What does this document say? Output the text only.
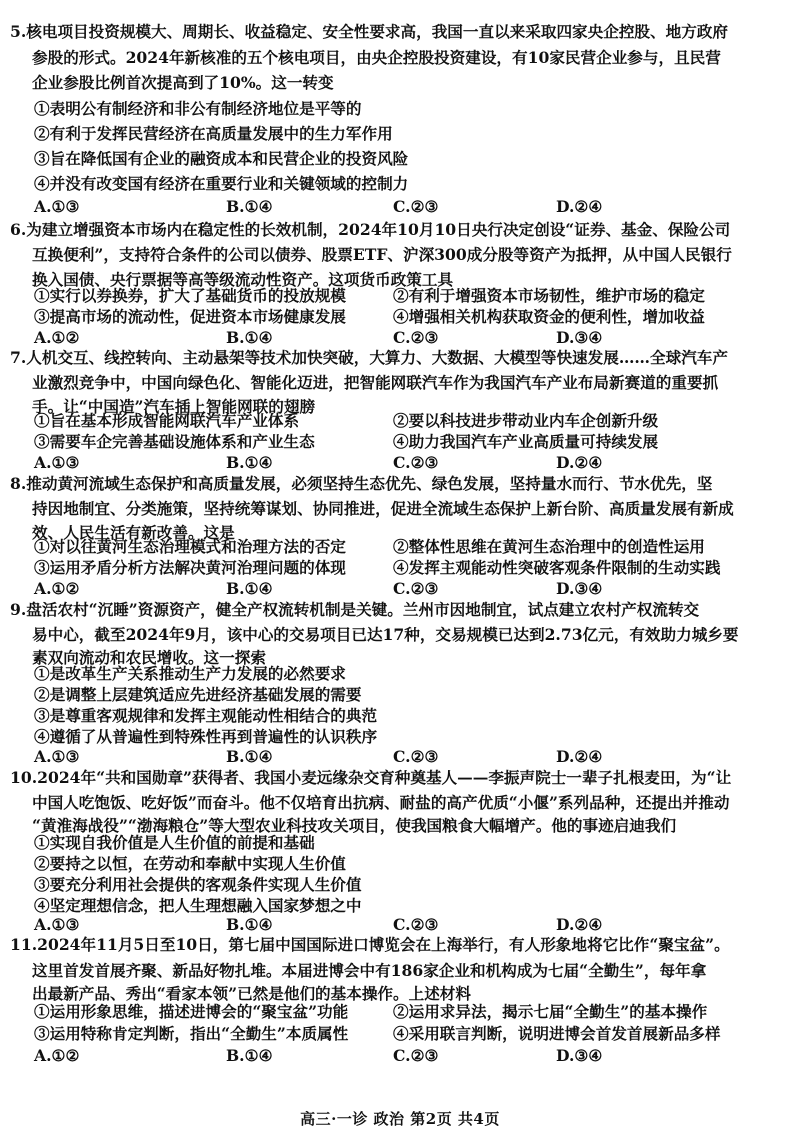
5.核电项目投资规模大、周期长、收益稳定、安全性要求高，我国一直以来采取四家央企控股、地方政府
参股的形式。2024年新核准的五个核电项目，由央企控股投资建设，有10家民营企业参与，且民营
企业参股比例首次提高到了10%。这一转变
①表明公有制经济和非公有制经济地位是平等的
②有利于发挥民营经济在高质量发展中的生力军作用
③旨在降低国有企业的融资成本和民营企业的投资风险
④并没有改变国有经济在重要行业和关键领域的控制力
A.①③	B.①④	C.②③	D.②④
6.为建立增强资本市场内在稳定性的长效机制，2024年10月10日央行决定创设“证券、基金、保险公司
互换便利”，支持符合条件的公司以债券、股票ETF、沪深300成分股等资产为抵押，从中国人民银行
换入国债、央行票据等高等级流动性资产。这项货币政策工具
①实行以券换券，扩大了基础货币的投放规模	②有利于增强资本市场韧性，维护市场的稳定
③提高市场的流动性，促进资本市场健康发展	④增强相关机构获取资金的便利性，增加收益
A.①②	B.①④	C.②③	D.③④
7.人机交互、线控转向、主动悬架等技术加快突破，大算力、大数据、大模型等快速发展……全球汽车产
业激烈竞争中，中国向绿色化、智能化迈进，把智能网联汽车作为我国汽车产业布局新赛道的重要抓
手。让“中国造”汽车插上智能网联的翅膀
①旨在基本形成智能网联汽车产业体系	②要以科技进步带动业内车企创新升级
③需要车企完善基础设施体系和产业生态	④助力我国汽车产业高质量可持续发展
A.①③	B.①④	C.②③	D.②④
8.推动黄河流域生态保护和高质量发展，必须坚持生态优先、绿色发展，坚持量水而行、节水优先，坚
持因地制宜、分类施策，坚持统筹谋划、协同推进，促进全流域生态保护上新台阶、高质量发展有新成
效、人民生活有新改善。这是
①对以往黄河生态治理模式和治理方法的否定	②整体性思维在黄河生态治理中的创造性运用
③运用矛盾分析方法解决黄河治理问题的体现	④发挥主观能动性突破客观条件限制的生动实践
A.①②	B.①④	C.②③	D.③④
9.盘活农村“沉睡”资源资产，健全产权流转机制是关键。兰州市因地制宜，试点建立农村产权流转交
易中心，截至2024年9月，该中心的交易项目已达17种，交易规模已达到2.73亿元，有效助力城乡要
素双向流动和农民增收。这一探索
①是改革生产关系推动生产力发展的必然要求
②是调整上层建筑适应先进经济基础发展的需要
③是尊重客观规律和发挥主观能动性相结合的典范
④遵循了从普遍性到特殊性再到普遍性的认识秩序
A.①③	B.①④	C.②③	D.②④
10.2024年“共和国勋章”获得者、我国小麦远缘杂交育种奠基人——李振声院士一辈子扎根麦田，为“让
中国人吃饱饭、吃好饭”而奋斗。他不仅培育出抗病、耐盐的高产优质“小偃”系列品种，还提出并推动
“黄淮海战役”“渤海粮仓”等大型农业科技攻关项目，使我国粮食大幅增产。他的事迹启迪我们
①实现自我价值是人生价值的前提和基础
②要持之以恒，在劳动和奉献中实现人生价值
③要充分利用社会提供的客观条件实现人生价值
④坚定理想信念，把人生理想融入国家梦想之中
A.①③	B.①④	C.②③	D.②④
11.2024年11月5日至10日，第七届中国国际进口博览会在上海举行，有人形象地将它比作“聚宝盆”。
这里首发首展齐聚、新品好物扎堆。本届进博会中有186家企业和机构成为七届“全勤生”，每年拿
出最新产品、秀出“看家本领”已然是他们的基本操作。上述材料
①运用形象思维，描述进博会的“聚宝盆”功能	②运用求异法，揭示七届“全勤生”的基本操作
③运用特称肯定判断，指出“全勤生”本质属性	④采用联言判断，说明进博会首发首展新品多样
A.①②	B.①④	C.②③	D.③④
高三·一诊 政治 第2页 共4页
